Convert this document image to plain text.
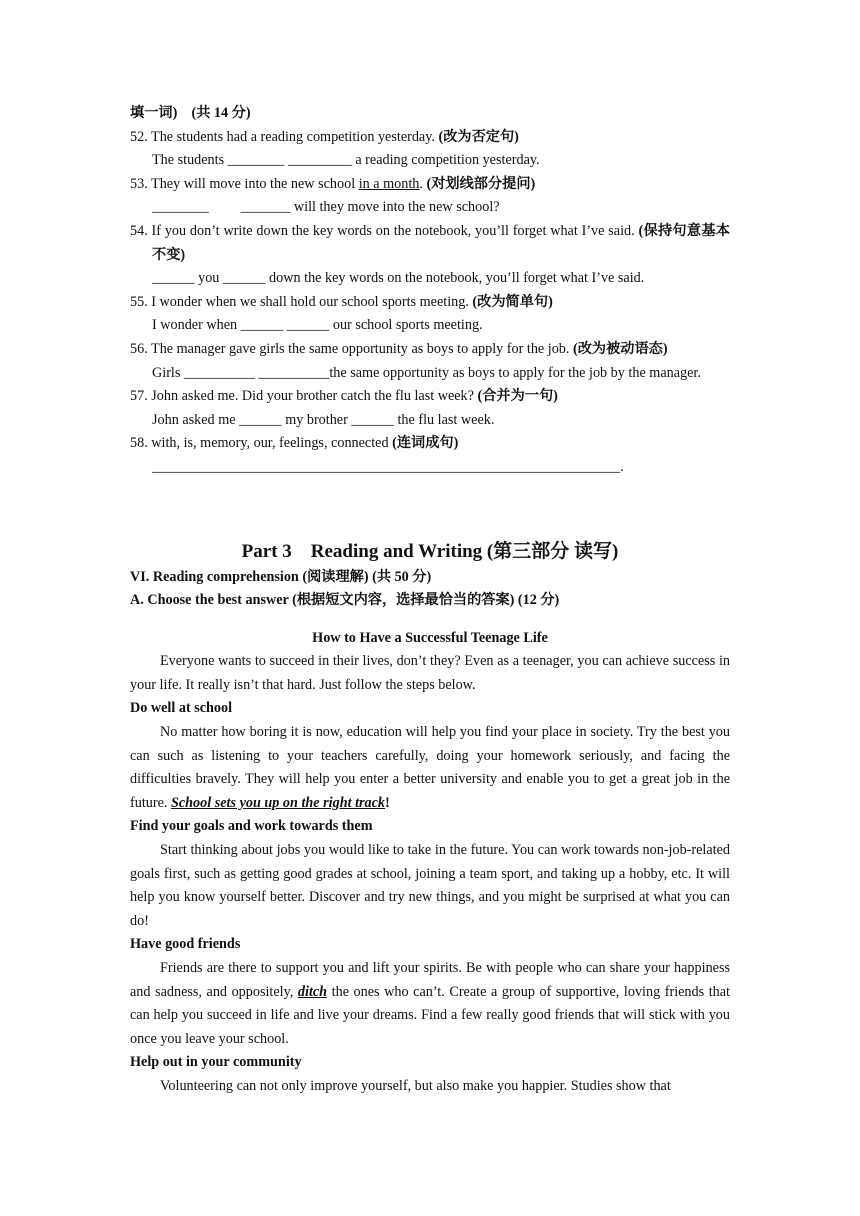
填一词)　(共 14 分)
52. The students had a reading competition yesterday. (改为否定句)
The students ________ _________ a reading competition yesterday.
53. They will move into the new school in a month. (对划线部分提问)
________   _______ will they move into the new school?
54. If you don’t write down the key words on the notebook, you’ll forget what I’ve said. (保持句意基本不变)
______ you ______ down the key words on the notebook, you’ll forget what I’ve said.
55. I wonder when we shall hold our school sports meeting. (改为简单句)
I wonder when ______ ______ our school sports meeting.
56. The manager gave girls the same opportunity as boys to apply for the job. (改为被动语态)
Girls __________ __________the same opportunity as boys to apply for the job by the manager.
57. John asked me. Did your brother catch the flu last week? (合并为一句)
John asked me ______ my brother ______ the flu last week.
58. with, is, memory, our, feelings, connected (连词成句)
__________________________________________________________________.
Part 3　Reading and Writing (第三部分 读写)
VI. Reading comprehension (阅读理解) (共 50 分)
A. Choose the best answer (根据短文内容，选择最恰当的答案) (12 分)
How to Have a Successful Teenage Life
Everyone wants to succeed in their lives, don’t they? Even as a teenager, you can achieve success in your life. It really isn’t that hard. Just follow the steps below.
Do well at school
No matter how boring it is now, education will help you find your place in society. Try the best you can such as listening to your teachers carefully, doing your homework seriously, and facing the difficulties bravely. They will help you enter a better university and enable you to get a great job in the future. School sets you up on the right track!
Find your goals and work towards them
Start thinking about jobs you would like to take in the future. You can work towards non-job-related goals first, such as getting good grades at school, joining a team sport, and taking up a hobby, etc. It will help you know yourself better. Discover and try new things, and you might be surprised at what you can do!
Have good friends
Friends are there to support you and lift your spirits. Be with people who can share your happiness and sadness, and oppositely, ditch the ones who can’t. Create a group of supportive, loving friends that can help you succeed in life and live your dreams. Find a few really good friends that will stick with you once you leave your school.
Help out in your community
Volunteering can not only improve yourself, but also make you happier. Studies show that
